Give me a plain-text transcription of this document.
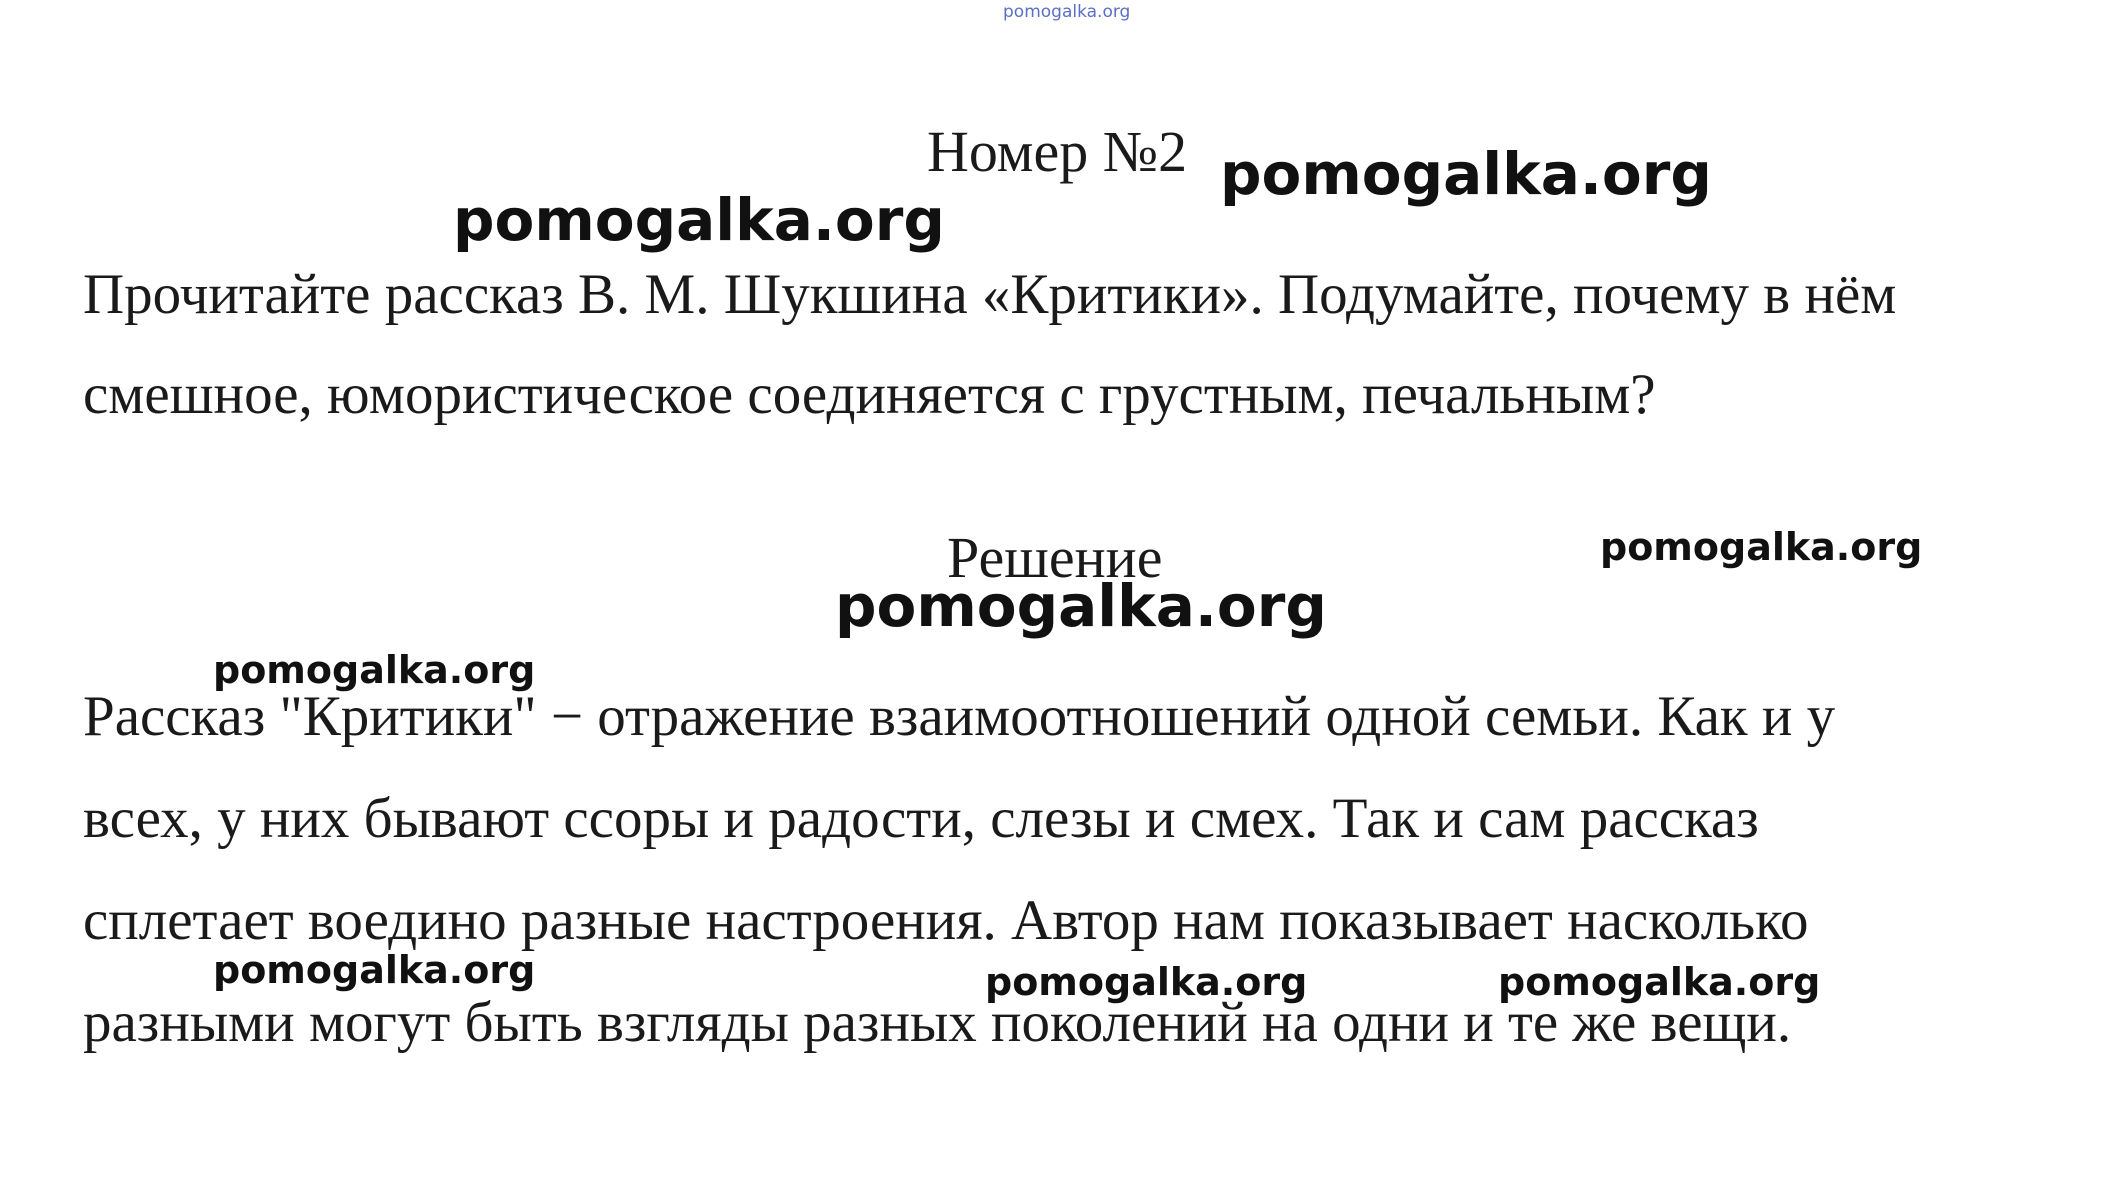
pomogalka.org
Номер №2
Прочитайте рассказ В. М. Шукшина «Критики». Подумайте, почему в нём
смешное, юмористическое соединяется с грустным, печальным?
Решение
Рассказ "Критики" − отражение взаимоотношений одной семьи. Как и у
всех, у них бывают ссоры и радости, слезы и смех. Так и сам рассказ
сплетает воедино разные настроения. Автор нам показывает насколько
разными могут быть взгляды разных поколений на одни и те же вещи.
pomogalka.org
pomogalka.org
pomogalka.org
pomogalka.org
pomogalka.org
pomogalka.org	pomogalka.org	pomogalka.org
